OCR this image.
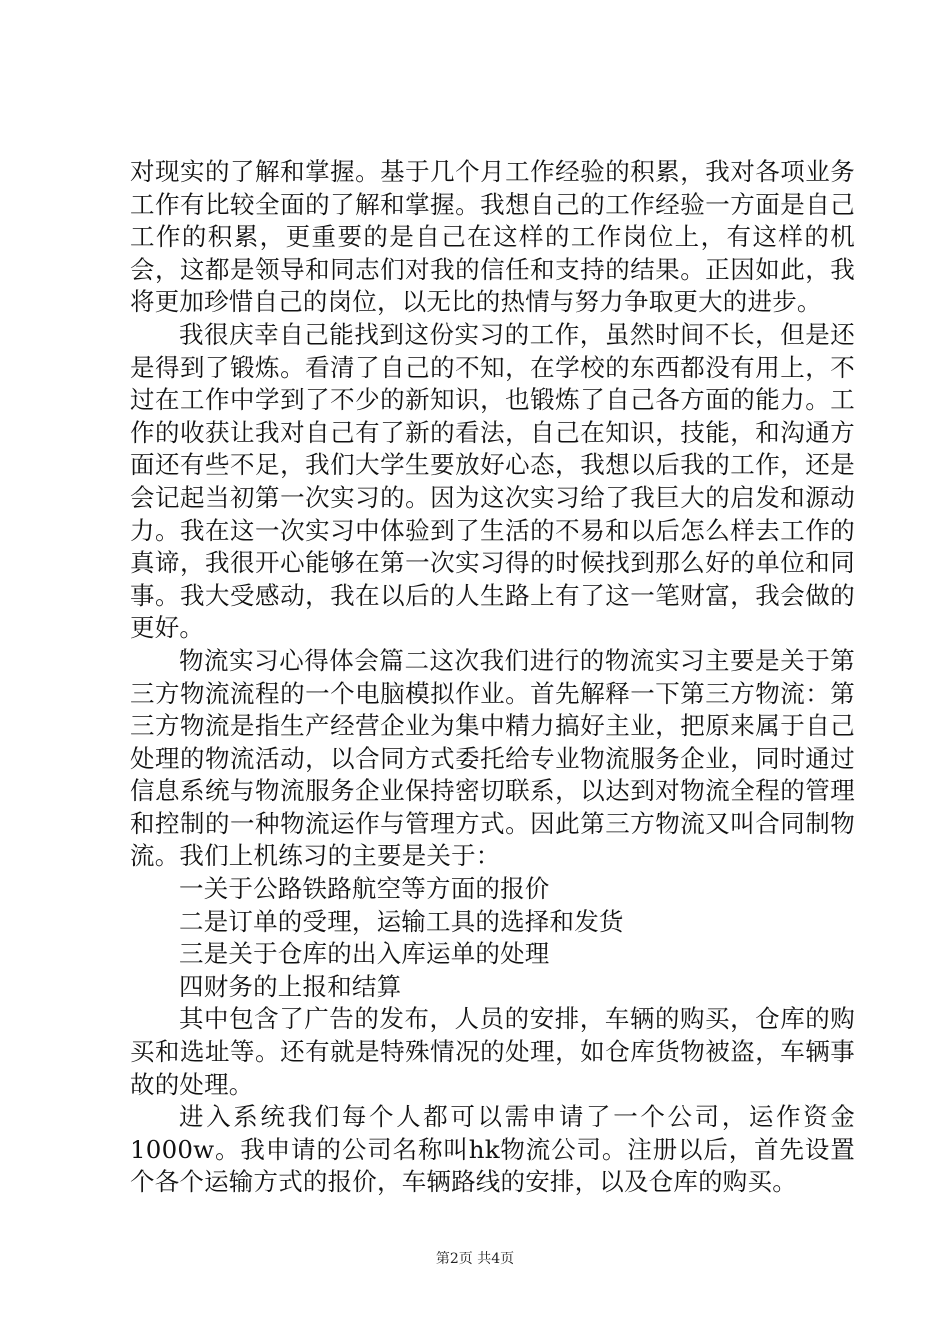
对现实的了解和掌握。基于几个月工作经验的积累，我对各项业务工作有比较全面的了解和掌握。我想自己的工作经验一方面是自己工作的积累，更重要的是自己在这样的工作岗位上，有这样的机会，这都是领导和同志们对我的信任和支持的结果。正因如此，我将更加珍惜自己的岗位，以无比的热情与努力争取更大的进步。

我很庆幸自己能找到这份实习的工作，虽然时间不长，但是还是得到了锻炼。看清了自己的不知，在学校的东西都没有用上，不过在工作中学到了不少的新知识，也锻炼了自己各方面的能力。工作的收获让我对自己有了新的看法，自己在知识，技能，和沟通方面还有些不足，我们大学生要放好心态，我想以后我的工作，还是会记起当初第一次实习的。因为这次实习给了我巨大的启发和源动力。我在这一次实习中体验到了生活的不易和以后怎么样去工作的真谛，我很开心能够在第一次实习得的时候找到那么好的单位和同事。我大受感动，我在以后的人生路上有了这一笔财富，我会做的更好。

物流实习心得体会篇二这次我们进行的物流实习主要是关于第三方物流流程的一个电脑模拟作业。首先解释一下第三方物流：第三方物流是指生产经营企业为集中精力搞好主业，把原来属于自己处理的物流活动，以合同方式委托给专业物流服务企业，同时通过信息系统与物流服务企业保持密切联系，以达到对物流全程的管理和控制的一种物流运作与管理方式。因此第三方物流又叫合同制物流。我们上机练习的主要是关于：

一关于公路铁路航空等方面的报价

二是订单的受理，运输工具的选择和发货

三是关于仓库的出入库运单的处理

四财务的上报和结算

其中包含了广告的发布，人员的安排，车辆的购买，仓库的购买和选址等。还有就是特殊情况的处理，如仓库货物被盗，车辆事故的处理。

进入系统我们每个人都可以需申请了一个公司，运作资金1000w。我申请的公司名称叫hk物流公司。注册以后，首先设置个各个运输方式的报价，车辆路线的安排，以及仓库的购买。

第2页 共4页
